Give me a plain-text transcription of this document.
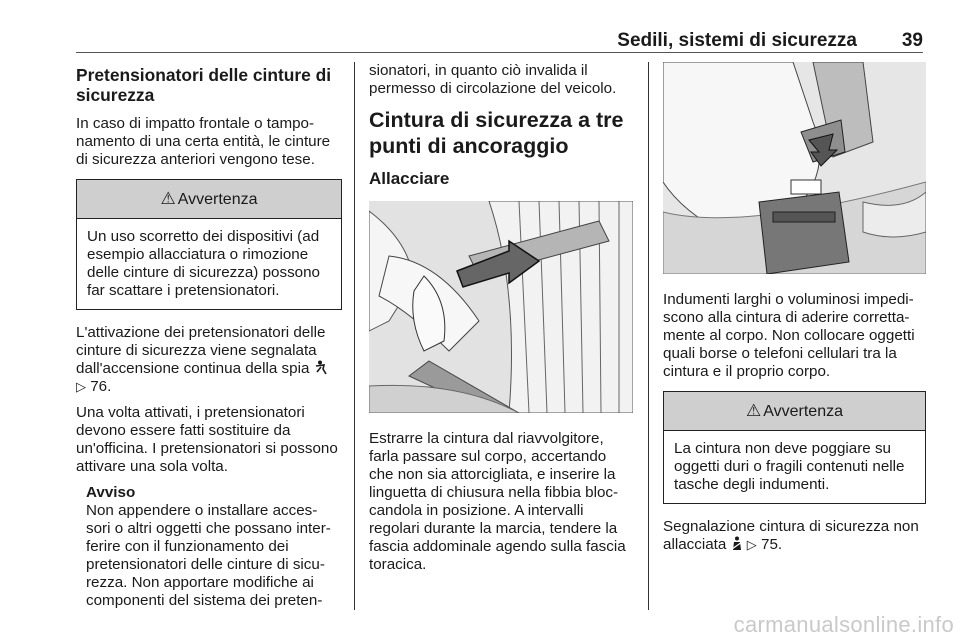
Sedili, sistemi di sicurezza 39
Pretensionatori delle cinture di sicurezza

In caso di impatto frontale o tampo- namento di una certa entità, le cinture di sicurezza anteriori vengono tese.

⚠ Avvertenza
Un uso scorretto dei dispositivi (ad esempio allacciatura o rimozione delle cinture di sicurezza) possono far scattare i pretensionatori.

L'attivazione dei pretensionatori delle cinture di sicurezza viene segnalata dall'accensione continua della spia
▷ 76.

Una volta attivati, i pretensionatori devono essere fatti sostituire da un'officina. I pretensionatori si possono attivare una sola volta.

Avviso
Non appendere o installare acces- sori o altri oggetti che possano inter- ferire con il funzionamento dei pretensionatori delle cinture di sicu- rezza. Non apportare modifiche ai componenti del sistema dei preten-

sionatori, in quanto ciò invalida il permesso di circolazione del veicolo.

Cintura di sicurezza a tre punti di ancoraggio
Allacciare

Estrarre la cintura dal riavvolgitore, farla passare sul corpo, accertando che non sia attorcigliata, e inserire la linguetta di chiusura nella fibbia bloc- candola in posizione. A intervalli regolari durante la marcia, tendere la fascia addominale agendo sulla fascia toracica.

Indumenti larghi o voluminosi impedi- scono alla cintura di aderire corretta- mente al corpo. Non collocare oggetti quali borse o telefoni cellulari tra la cintura e il proprio corpo.

⚠ Avvertenza
La cintura non deve poggiare su oggetti duri o fragili contenuti nelle tasche degli indumenti.

Segnalazione cintura di sicurezza non allacciata ▷ 75.

carmanualsonline.info
